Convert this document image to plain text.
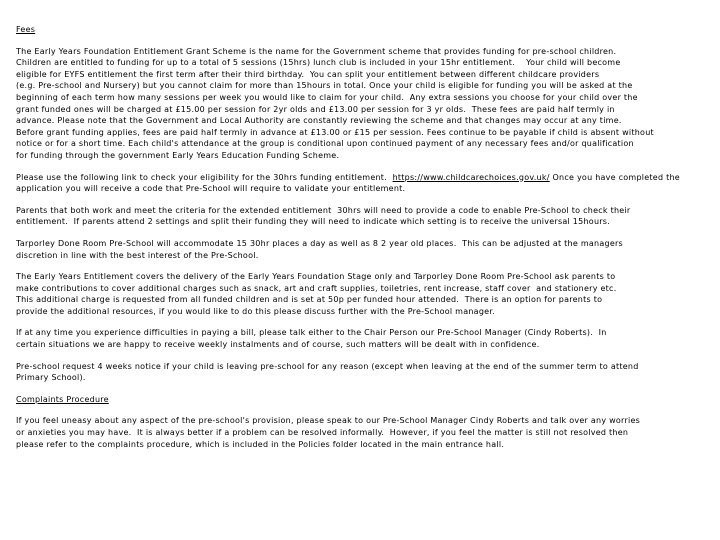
Fees
The Early Years Foundation Entitlement Grant Scheme is the name for the Government scheme that provides funding for pre-school children.
Children are entitled to funding for up to a total of 5 sessions (15hrs) lunch club is included in your 15hr entitlement.    Your child will become
eligible for EYFS entitlement the first term after their third birthday.  You can split your entitlement between different childcare providers
(e.g. Pre-school and Nursery) but you cannot claim for more than 15hours in total. Once your child is eligible for funding you will be asked at the
beginning of each term how many sessions per week you would like to claim for your child.  Any extra sessions you choose for your child over the
grant funded ones will be charged at £15.00 per session for 2yr olds and £13.00 per session for 3 yr olds.  These fees are paid half termly in
advance. Please note that the Government and Local Authority are constantly reviewing the scheme and that changes may occur at any time.
Before grant funding applies, fees are paid half termly in advance at £13.00 or £15 per session. Fees continue to be payable if child is absent without
notice or for a short time. Each child's attendance at the group is conditional upon continued payment of any necessary fees and/or qualification
for funding through the government Early Years Education Funding Scheme.
Please use the following link to check your eligibility for the 30hrs funding entitlement.  https://www.childcarechoices.gov.uk/ Once you have completed the
application you will receive a code that Pre-School will require to validate your entitlement.
Parents that both work and meet the criteria for the extended entitlement  30hrs will need to provide a code to enable Pre-School to check their
entitlement.  If parents attend 2 settings and split their funding they will need to indicate which setting is to receive the universal 15hours.
Tarporley Done Room Pre-School will accommodate 15 30hr places a day as well as 8 2 year old places.  This can be adjusted at the managers
discretion in line with the best interest of the Pre-School.
The Early Years Entitlement covers the delivery of the Early Years Foundation Stage only and Tarporley Done Room Pre-School ask parents to
make contributions to cover additional charges such as snack, art and craft supplies, toiletries, rent increase, staff cover  and stationery etc.
This additional charge is requested from all funded children and is set at 50p per funded hour attended.  There is an option for parents to
provide the additional resources, if you would like to do this please discuss further with the Pre-School manager.
If at any time you experience difficulties in paying a bill, please talk either to the Chair Person our Pre-School Manager (Cindy Roberts).  In
certain situations we are happy to receive weekly instalments and of course, such matters will be dealt with in confidence.
Pre-school request 4 weeks notice if your child is leaving pre-school for any reason (except when leaving at the end of the summer term to attend
Primary School).
Complaints Procedure
If you feel uneasy about any aspect of the pre-school's provision, please speak to our Pre-School Manager Cindy Roberts and talk over any worries
or anxieties you may have.  It is always better if a problem can be resolved informally.  However, if you feel the matter is still not resolved then
please refer to the complaints procedure, which is included in the Policies folder located in the main entrance hall.
